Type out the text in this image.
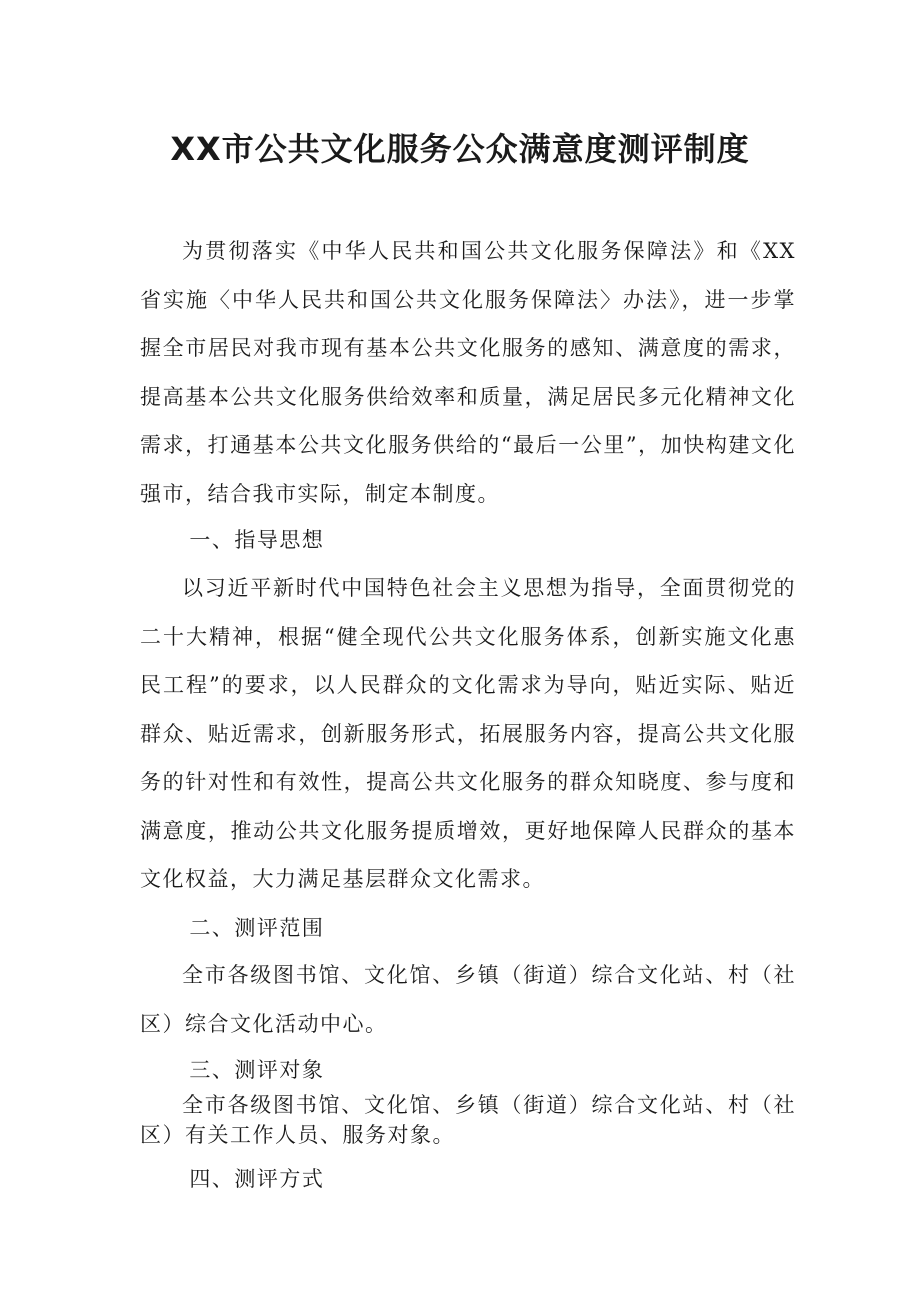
XX市公共文化服务公众满意度测评制度

为贯彻落实《中华人民共和国公共文化服务保障法》和《XX省实施〈中华人民共和国公共文化服务保障法〉办法》，进一步掌握全市居民对我市现有基本公共文化服务的感知、满意度的需求，提高基本公共文化服务供给效率和质量，满足居民多元化精神文化需求，打通基本公共文化服务供给的“最后一公里”，加快构建文化强市，结合我市实际，制定本制度。

一、指导思想

以习近平新时代中国特色社会主义思想为指导，全面贯彻党的二十大精神，根据“健全现代公共文化服务体系，创新实施文化惠民工程”的要求，以人民群众的文化需求为导向，贴近实际、贴近群众、贴近需求，创新服务形式，拓展服务内容，提高公共文化服务的针对性和有效性，提高公共文化服务的群众知晓度、参与度和满意度，推动公共文化服务提质增效，更好地保障人民群众的基本文化权益，大力满足基层群众文化需求。

二、测评范围

全市各级图书馆、文化馆、乡镇（街道）综合文化站、村（社区）综合文化活动中心。

三、测评对象

全市各级图书馆、文化馆、乡镇（街道）综合文化站、村（社区）有关工作人员、服务对象。

四、测评方式
